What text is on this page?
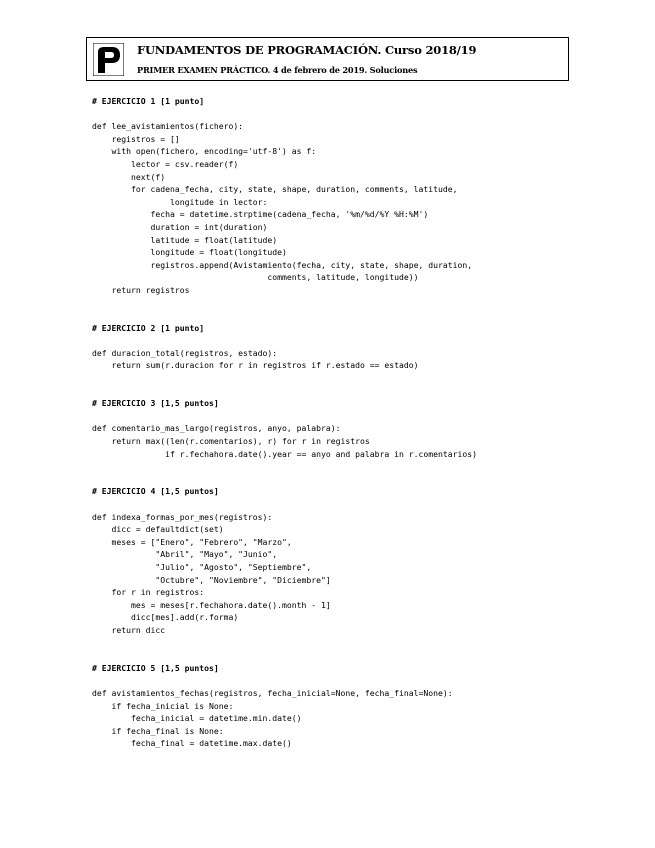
FUNDAMENTOS DE PROGRAMACIÓN. Curso 2018/19
PRIMER EXAMEN PRÁCTICO. 4 de febrero de 2019. Soluciones
# EJERCICIO 1 [1 punto]
def lee_avistamientos(fichero):
registros = []
with open(fichero, encoding='utf-8') as f:
lector = csv.reader(f)
next(f)
for cadena_fecha, city, state, shape, duration, comments, latitude,
longitude in lector:
fecha = datetime.strptime(cadena_fecha, '%m/%d/%Y %H:%M')
duration = int(duration)
latitude = float(latitude)
longitude = float(longitude)
registros.append(Avistamiento(fecha, city, state, shape, duration,
comments, latitude, longitude))
return registros
# EJERCICIO 2 [1 punto]
def duracion_total(registros, estado):
return sum(r.duracion for r in registros if r.estado == estado)
# EJERCICIO 3 [1,5 puntos]
def comentario_mas_largo(registros, anyo, palabra):
return max((len(r.comentarios), r) for r in registros
if r.fechahora.date().year == anyo and palabra in r.comentarios)
# EJERCICIO 4 [1,5 puntos]
def indexa_formas_por_mes(registros):
dicc = defaultdict(set)
meses = ["Enero", "Febrero", "Marzo",
"Abril", "Mayo", "Junio",
"Julio", "Agosto", "Septiembre",
"Octubre", "Noviembre", "Diciembre"]
for r in registros:
mes = meses[r.fechahora.date().month - 1]
dicc[mes].add(r.forma)
return dicc
# EJERCICIO 5 [1,5 puntos]
def avistamientos_fechas(registros, fecha_inicial=None, fecha_final=None):
if fecha_inicial is None:
fecha_inicial = datetime.min.date()
if fecha_final is None:
fecha_final = datetime.max.date()
